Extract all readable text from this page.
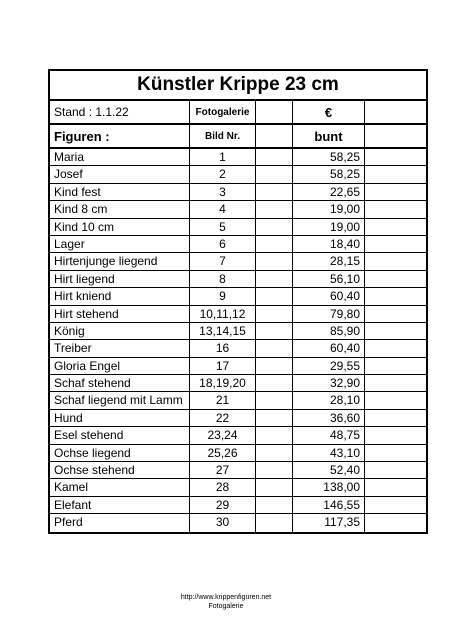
Künstler Krippe 23 cm
Stand : 1.1.22	Fotogalerie	€
Figuren :	Bild Nr.	bunt
Maria	1	58,25
Josef	2	58,25
Kind fest	3	22,65
Kind 8 cm	4	19,00
Kind 10 cm	5	19,00
Lager	6	18,40
Hirtenjunge liegend	7	28,15
Hirt liegend	8	56,10
Hirt kniend	9	60,40
Hirt stehend	10,11,12	79,80
König	13,14,15	85,90
Treiber	16	60,40
Gloria Engel	17	29,55
Schaf stehend	18,19,20	32,90
Schaf liegend mit Lamm	21	28,10
Hund	22	36,60
Esel stehend	23,24	48,75
Ochse liegend	25,26	43,10
Ochse stehend	27	52,40
Kamel	28	138,00
Elefant	29	146,55
Pferd	30	117,35
http://www.krippenfiguren.net
Fotogalerie
